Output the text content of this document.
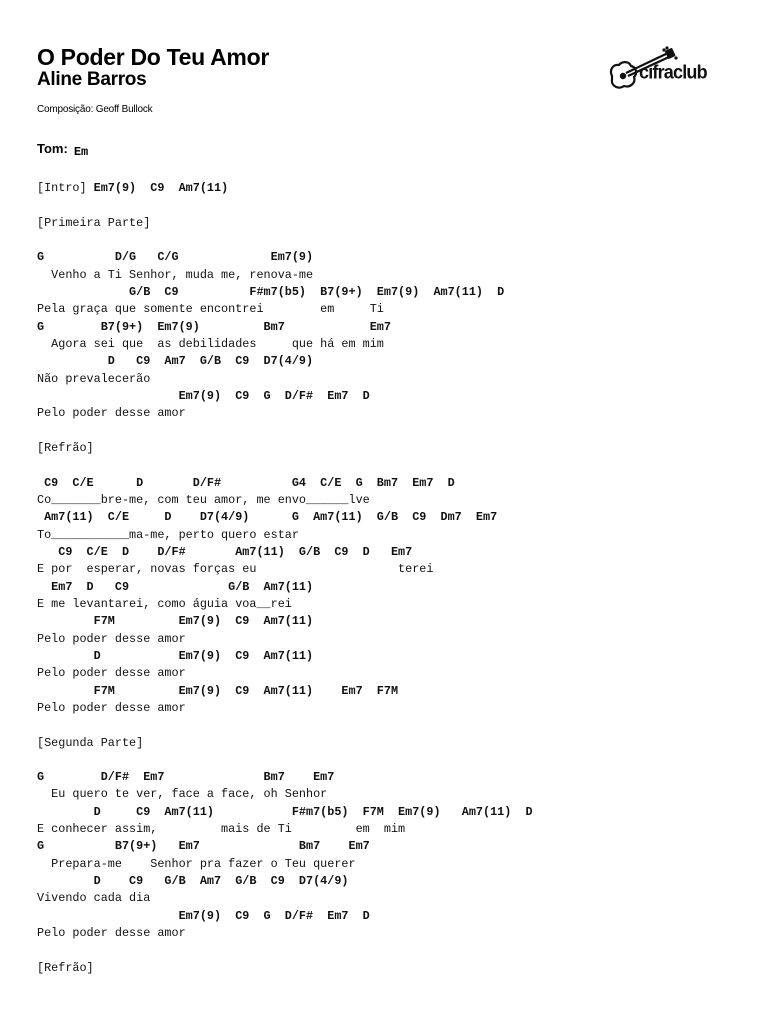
O Poder Do Teu Amor
Aline Barros
Composição: Geoff Bullock
Tom: Em
cifraclub
[Intro] Em7(9)  C9  Am7(11)
[Primeira Parte]
G          D/G   C/G             Em7(9)
Venho a Ti Senhor, muda me, renova-me
G/B  C9          F#m7(b5)  B7(9+)  Em7(9)  Am7(11)  D
Pela graça que somente encontrei        em     Ti
G        B7(9+)  Em7(9)         Bm7            Em7
Agora sei que  as debilidades     que há em mim
D   C9  Am7  G/B  C9  D7(4/9)
Não prevalecerão
Em7(9)  C9  G  D/F#  Em7  D
Pelo poder desse amor
[Refrão]
C9  C/E      D       D/F#          G4  C/E  G  Bm7  Em7  D
Co_______bre-me, com teu amor, me envo______lve
Am7(11)  C/E     D    D7(4/9)      G  Am7(11)  G/B  C9  Dm7  Em7
To___________ma-me, perto quero estar
C9  C/E  D    D/F#       Am7(11)  G/B  C9  D   Em7
E por  esperar, novas forças eu                    terei
Em7  D   C9              G/B  Am7(11)
E me levantarei, como águia voa__rei
F7M         Em7(9)  C9  Am7(11)
Pelo poder desse amor
D           Em7(9)  C9  Am7(11)
Pelo poder desse amor
F7M         Em7(9)  C9  Am7(11)    Em7  F7M
Pelo poder desse amor
[Segunda Parte]
G        D/F#  Em7              Bm7    Em7
Eu quero te ver, face a face, oh Senhor
D     C9  Am7(11)           F#m7(b5)  F7M  Em7(9)   Am7(11)  D
E conhecer assim,         mais de Ti         em  mim
G          B7(9+)   Em7              Bm7    Em7
Prepara-me    Senhor pra fazer o Teu querer
D    C9   G/B  Am7  G/B  C9  D7(4/9)
Vivendo cada dia
Em7(9)  C9  G  D/F#  Em7  D
Pelo poder desse amor
[Refrão]
